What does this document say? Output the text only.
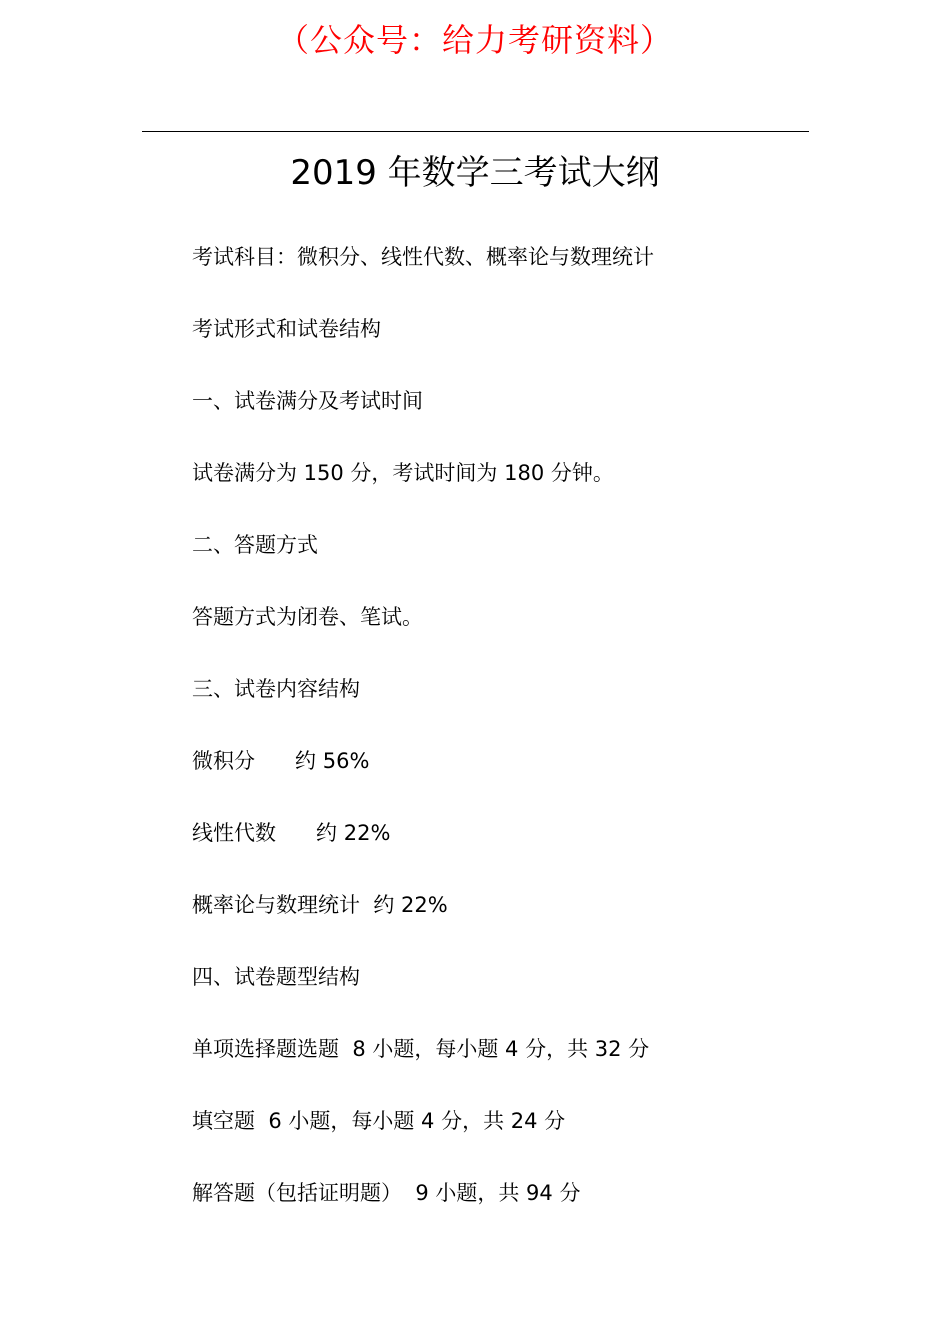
（公众号：给力考研资料）
2019 年数学三考试大纲
考试科目：微积分、线性代数、概率论与数理统计
考试形式和试卷结构
一、试卷满分及考试时间
试卷满分为 150 分，考试时间为 180 分钟。
二、答题方式
答题方式为闭卷、笔试。
三、试卷内容结构
微积分      约 56%
线性代数      约 22%
概率论与数理统计  约 22%
四、试卷题型结构
单项选择题选题  8 小题，每小题 4 分，共 32 分
填空题  6 小题，每小题 4 分，共 24 分
解答题（包括证明题）  9 小题，共 94 分
